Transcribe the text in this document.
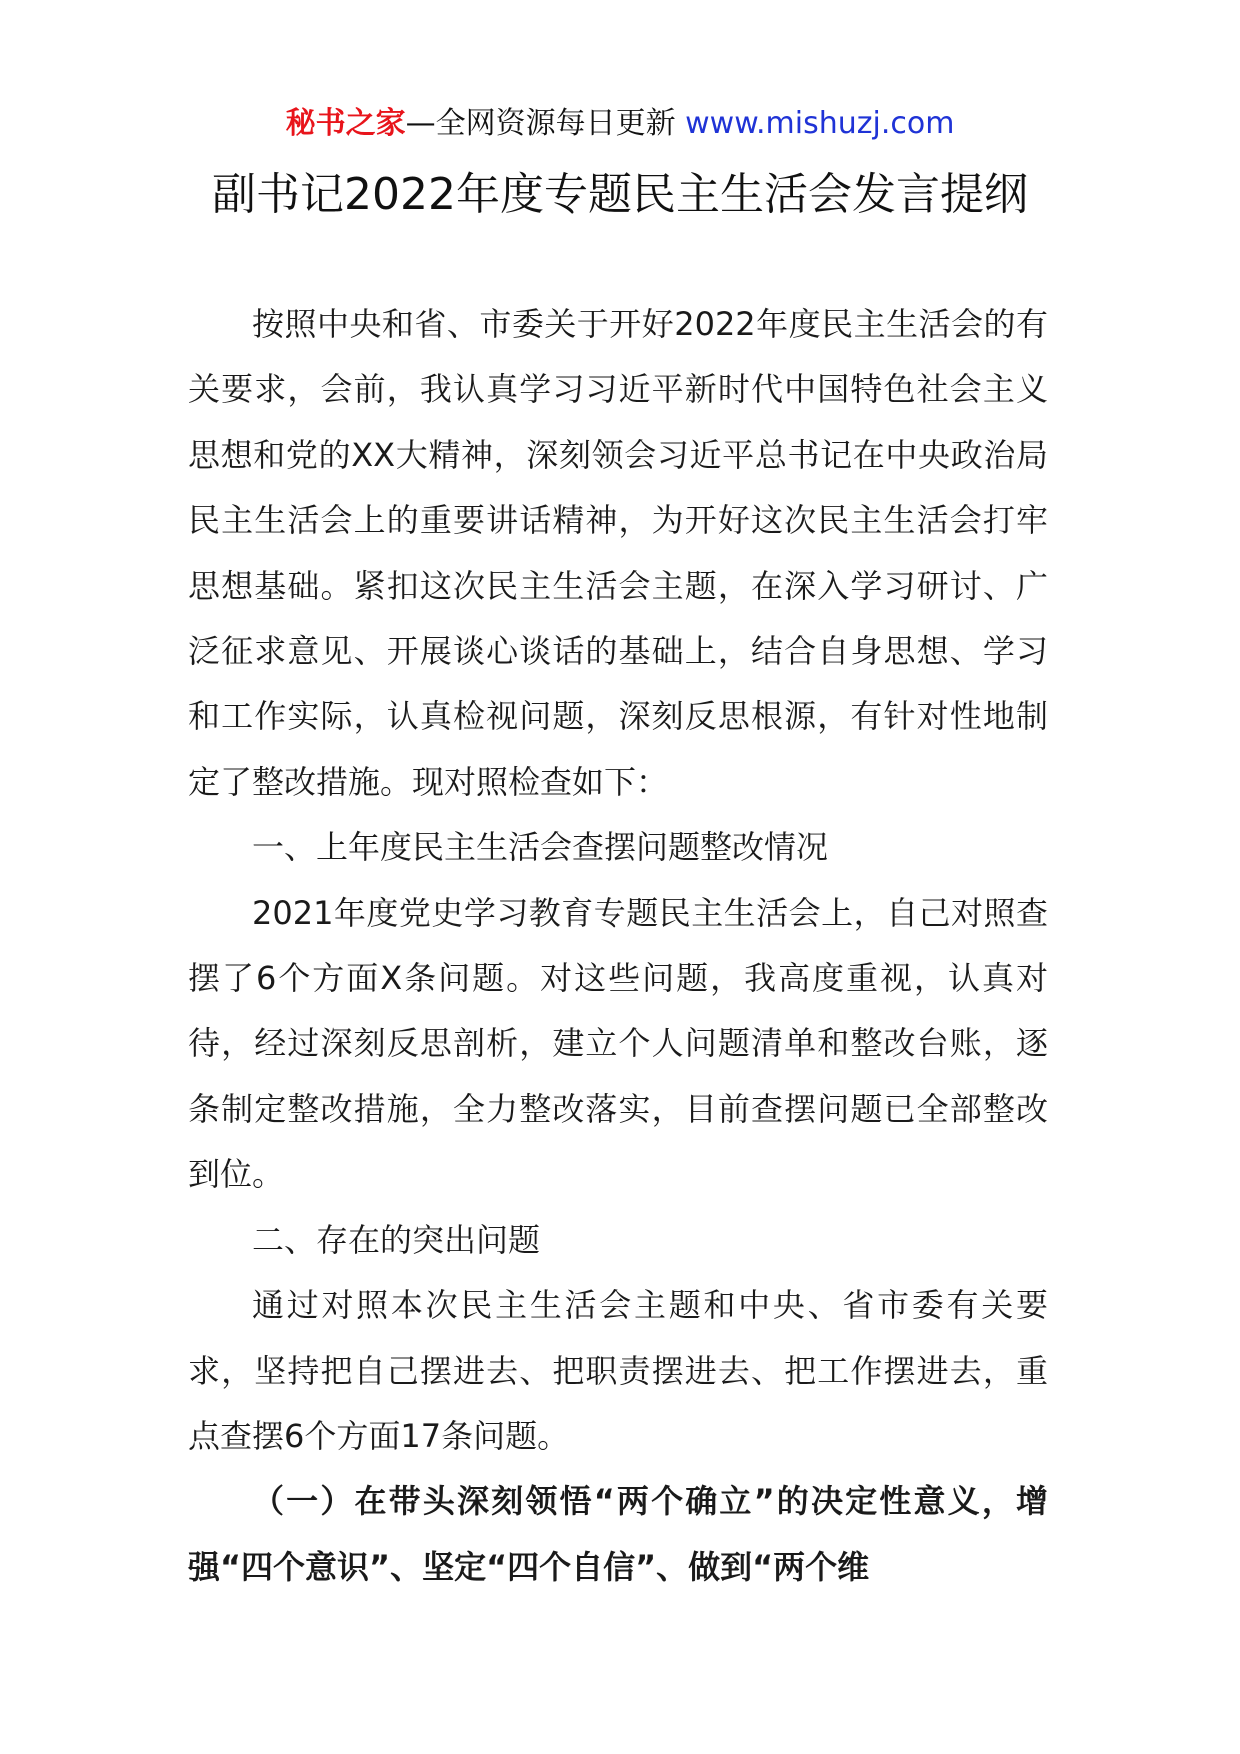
秘书之家—全网资源每日更新 www.mishuzj.com
副书记2022年度专题民主生活会发言提纲

按照中央和省、市委关于开好2022年度民主生活会的有关要求，会前，我认真学习习近平新时代中国特色社会主义思想和党的XX大精神，深刻领会习近平总书记在中央政治局民主生活会上的重要讲话精神，为开好这次民主生活会打牢思想基础。紧扣这次民主生活会主题，在深入学习研讨、广泛征求意见、开展谈心谈话的基础上，结合自身思想、学习和工作实际，认真检视问题，深刻反思根源，有针对性地制定了整改措施。现对照检查如下：

一、上年度民主生活会查摆问题整改情况

2021年度党史学习教育专题民主生活会上，自己对照查摆了6个方面X条问题。对这些问题，我高度重视，认真对待，经过深刻反思剖析，建立个人问题清单和整改台账，逐条制定整改措施，全力整改落实，目前查摆问题已全部整改到位。

二、存在的突出问题

通过对照本次民主生活会主题和中央、省市委有关要求，坚持把自己摆进去、把职责摆进去、把工作摆进去，重点查摆6个方面17条问题。

（一）在带头深刻领悟“两个确立”的决定性意义，增强“四个意识”、坚定“四个自信”、做到“两个维
